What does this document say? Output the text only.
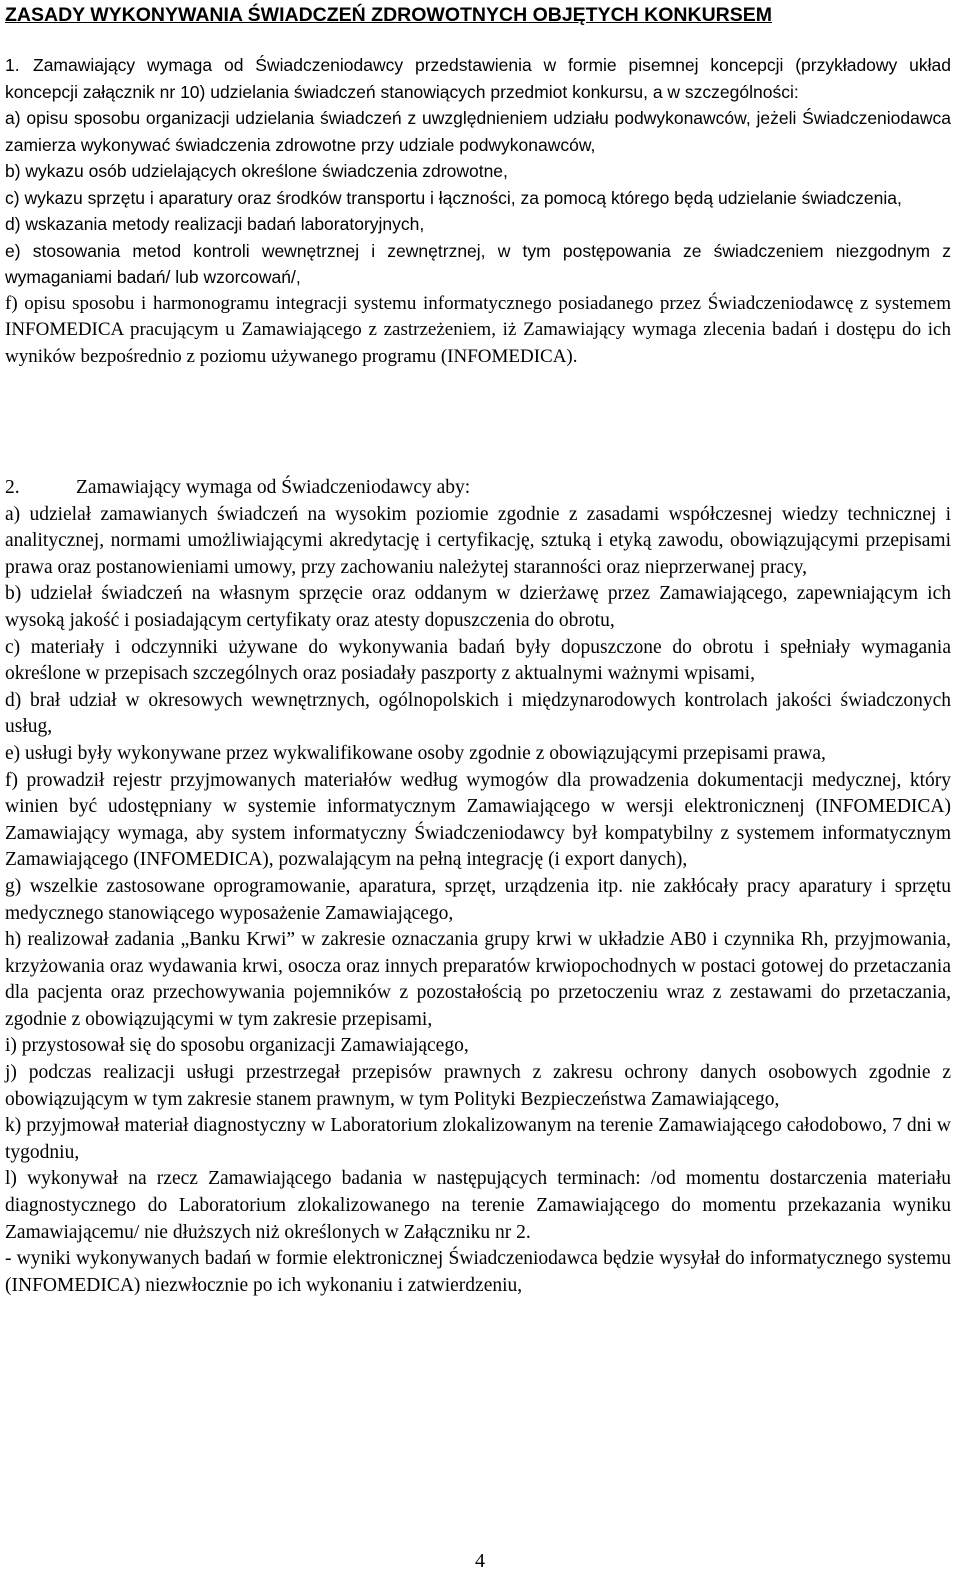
ZASADY WYKONYWANIA ŚWIADCZEŃ ZDROWOTNYCH OBJĘTYCH KONKURSEM

1. Zamawiający wymaga od Świadczeniodawcy przedstawienia w formie pisemnej koncepcji (przykładowy układ koncepcji załącznik nr 10) udzielania świadczeń stanowiących przedmiot konkursu, a w szczególności:

a) opisu sposobu organizacji udzielania świadczeń z uwzględnieniem udziału podwykonawców, jeżeli Świadczeniodawca zamierza wykonywać świadczenia zdrowotne przy udziale podwykonawców,

b) wykazu osób udzielających określone świadczenia zdrowotne,

c) wykazu sprzętu i aparatury oraz środków transportu i łączności, za pomocą którego będą udzielanie świadczenia,

d) wskazania metody realizacji badań laboratoryjnych,

e) stosowania metod kontroli wewnętrznej i zewnętrznej, w tym postępowania ze świadczeniem niezgodnym z wymaganiami badań/ lub wzorcowań/,

f) opisu sposobu i harmonogramu integracji systemu informatycznego posiadanego przez Świadczeniodawcę z systemem INFOMEDICA pracującym u Zamawiającego z zastrzeżeniem, iż Zamawiający wymaga zlecenia badań i dostępu do ich wyników bezpośrednio z poziomu używanego programu (INFOMEDICA).

2.	Zamawiający wymaga od Świadczeniodawcy aby:

a) udzielał zamawianych świadczeń na wysokim poziomie zgodnie z zasadami współczesnej wiedzy technicznej i analitycznej, normami umożliwiającymi akredytację i certyfikację, sztuką i etyką zawodu, obowiązującymi przepisami prawa oraz postanowieniami umowy, przy zachowaniu należytej staranności oraz nieprzerwanej pracy,

b) udzielał świadczeń na własnym sprzęcie oraz oddanym w dzierżawę przez Zamawiającego, zapewniającym ich wysoką jakość i posiadającym certyfikaty oraz atesty dopuszczenia do obrotu,

c) materiały i odczynniki używane do wykonywania badań były dopuszczone do obrotu i spełniały wymagania określone w przepisach szczególnych oraz posiadały paszporty z aktualnymi ważnymi wpisami,

d) brał udział w okresowych wewnętrznych, ogólnopolskich i międzynarodowych kontrolach jakości świadczonych usług,

e) usługi były wykonywane przez wykwalifikowane osoby zgodnie z obowiązującymi przepisami prawa,

f) prowadził rejestr przyjmowanych materiałów według wymogów dla prowadzenia dokumentacji medycznej, który winien być udostępniany w systemie informatycznym Zamawiającego w wersji elektronicznenj (INFOMEDICA) Zamawiający wymaga, aby system informatyczny Świadczeniodawcy był kompatybilny z systemem informatycznym Zamawiającego (INFOMEDICA), pozwalającym na pełną integrację (i export danych),

g) wszelkie zastosowane oprogramowanie, aparatura, sprzęt, urządzenia itp. nie zakłócały pracy aparatury i sprzętu medycznego stanowiącego wyposażenie Zamawiającego,

h) realizował zadania „Banku Krwi” w zakresie oznaczania grupy krwi w układzie AB0 i czynnika Rh, przyjmowania, krzyżowania oraz wydawania krwi, osocza oraz innych preparatów krwiopochodnych w postaci gotowej do przetaczania dla pacjenta oraz przechowywania pojemników z pozostałością po przetoczeniu wraz z zestawami do przetaczania, zgodnie z obowiązującymi w tym zakresie przepisami,

i) przystosował się do sposobu organizacji Zamawiającego,

j) podczas realizacji usługi przestrzegał przepisów prawnych z zakresu ochrony danych osobowych zgodnie z obowiązującym w tym zakresie stanem prawnym, w tym Polityki Bezpieczeństwa Zamawiającego,

k) przyjmował materiał diagnostyczny w Laboratorium zlokalizowanym na terenie Zamawiającego całodobowo, 7 dni w tygodniu,

l) wykonywał na rzecz Zamawiającego badania w następujących terminach: /od momentu dostarczenia materiału diagnostycznego do Laboratorium zlokalizowanego na terenie Zamawiającego do momentu przekazania wyniku Zamawiającemu/ nie dłuższych niż określonych w Załączniku nr 2.

- wyniki wykonywanych badań w formie elektronicznej Świadczeniodawca będzie wysyłał do informatycznego systemu (INFOMEDICA) niezwłocznie po ich wykonaniu i zatwierdzeniu,

4
